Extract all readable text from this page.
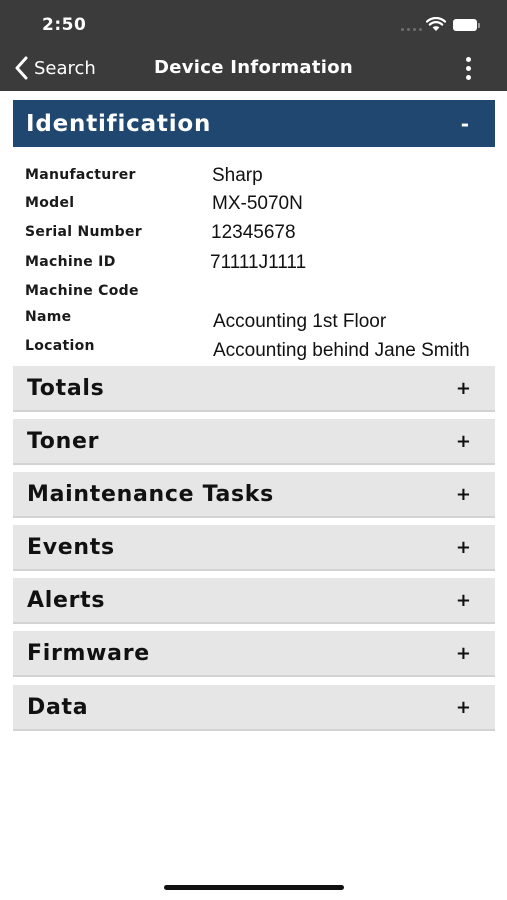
2:50
Search	Device Information
Identification	-
Manufacturer	Sharp
Model	MX-5070N
Serial Number	12345678
Machine ID	71111J1111
Machine Code
Name	Accounting 1st Floor
Location	Accounting behind Jane Smith
Totals	+
Toner	+
Maintenance Tasks	+
Events	+
Alerts	+
Firmware	+
Data	+
